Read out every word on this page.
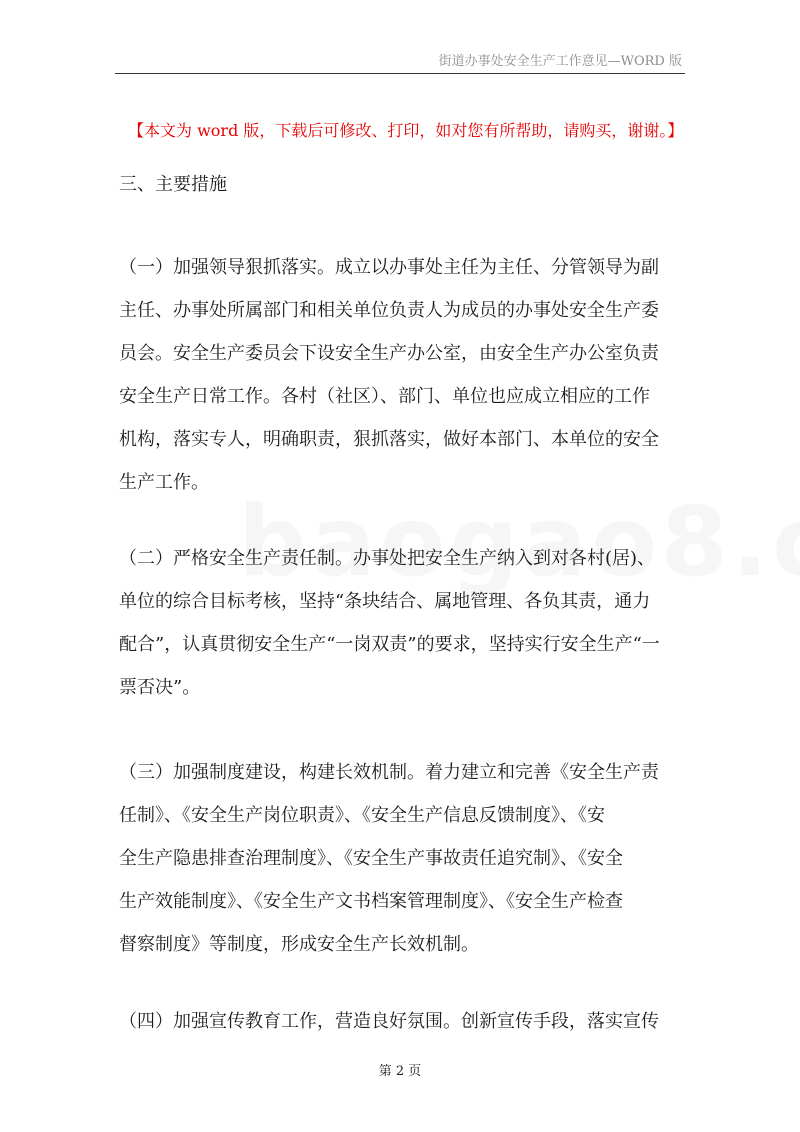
街道办事处安全生产工作意见—WORD 版
【本文为 word 版，下载后可修改、打印，如对您有所帮助，请购买，谢谢。】
三、主要措施
（一）加强领导狠抓落实。成立以办事处主任为主任、分管领导为副
主任、办事处所属部门和相关单位负责人为成员的办事处安全生产委
员会。安全生产委员会下设安全生产办公室，由安全生产办公室负责
安全生产日常工作。各村（社区）、部门、单位也应成立相应的工作
机构，落实专人，明确职责，狠抓落实，做好本部门、本单位的安全
生产工作。
（二）严格安全生产责任制。办事处把安全生产纳入到对各村(居)、
单位的综合目标考核，坚持“条块结合、属地管理、各负其责，通力
配合”，认真贯彻安全生产“一岗双责”的要求，坚持实行安全生产“一
票否决”。
（三）加强制度建设，构建长效机制。着力建立和完善《安全生产责
任制》、《安全生产岗位职责》、《安全生产信息反馈制度》、《安
全生产隐患排查治理制度》、《安全生产事故责任追究制》、《安全
生产效能制度》、《安全生产文书档案管理制度》、《安全生产检查
督察制度》等制度，形成安全生产长效机制。
（四）加强宣传教育工作，营造良好氛围。创新宣传手段，落实宣传
第 2 页
